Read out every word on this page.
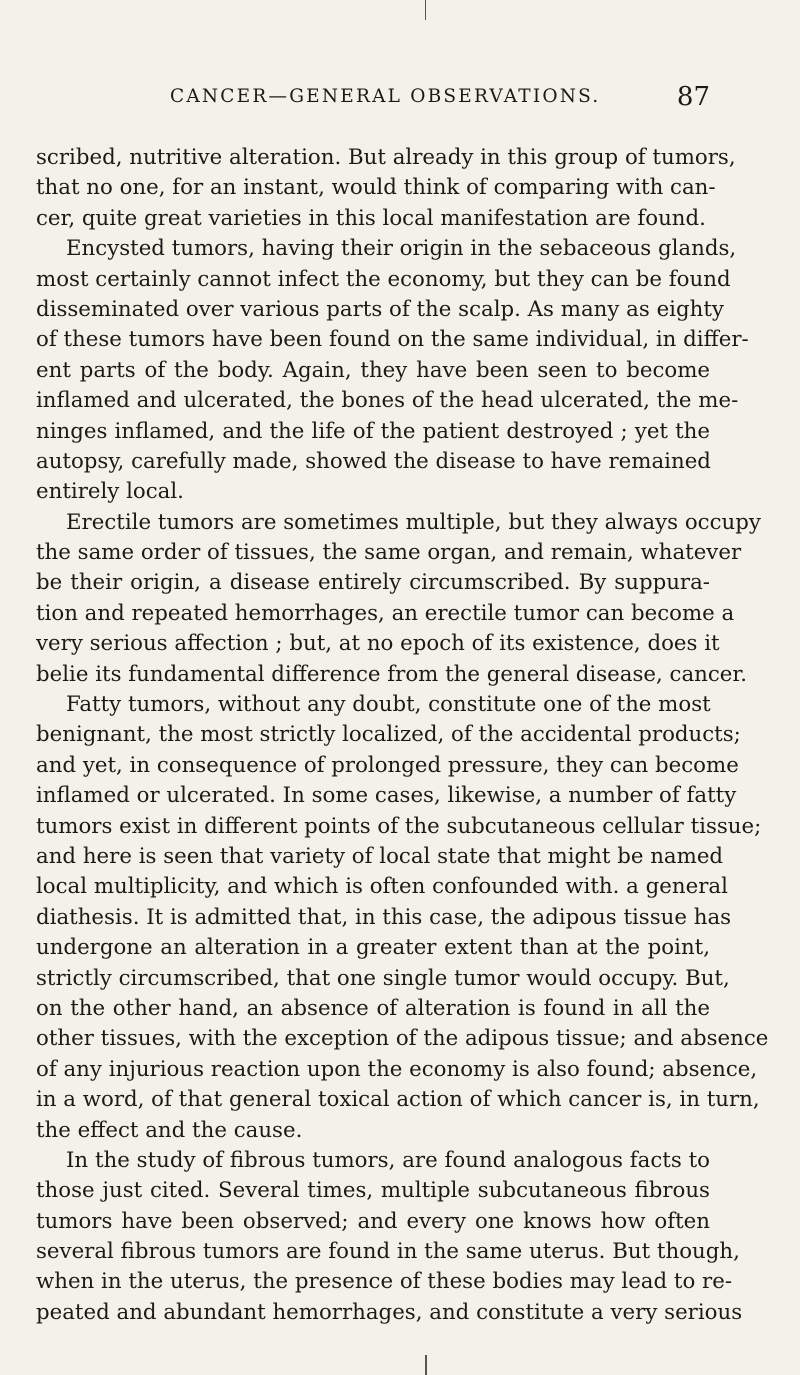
CANCER—GENERAL OBSERVATIONS.	87
scribed, nutritive alteration. But already in this group of tumors,
that no one, for an instant, would think of comparing with can-
cer, quite great varieties in this local manifestation are found.
Encysted tumors, having their origin in the sebaceous glands,
most certainly cannot infect the economy, but they can be found
disseminated over various parts of the scalp. As many as eighty
of these tumors have been found on the same individual, in differ-
ent parts of the body. Again, they have been seen to become
inflamed and ulcerated, the bones of the head ulcerated, the me-
ninges inflamed, and the life of the patient destroyed ; yet the
autopsy, carefully made, showed the disease to have remained
entirely local.
Erectile tumors are sometimes multiple, but they always occupy
the same order of tissues, the same organ, and remain, whatever
be their origin, a disease entirely circumscribed. By suppura-
tion and repeated hemorrhages, an erectile tumor can become a
very serious affection ; but, at no epoch of its existence, does it
belie its fundamental difference from the general disease, cancer.
Fatty tumors, without any doubt, constitute one of the most
benignant, the most strictly localized, of the accidental products;
and yet, in consequence of prolonged pressure, they can become
inflamed or ulcerated. In some cases, likewise, a number of fatty
tumors exist in different points of the subcutaneous cellular tissue;
and here is seen that variety of local state that might be named
local multiplicity, and which is often confounded with. a general
diathesis. It is admitted that, in this case, the adipous tissue has
undergone an alteration in a greater extent than at the point,
strictly circumscribed, that one single tumor would occupy. But,
on the other hand, an absence of alteration is found in all the
other tissues, with the exception of the adipous tissue; and absence
of any injurious reaction upon the economy is also found; absence,
in a word, of that general toxical action of which cancer is, in turn,
the effect and the cause.
In the study of fibrous tumors, are found analogous facts to
those just cited. Several times, multiple subcutaneous fibrous
tumors have been observed; and every one knows how often
several fibrous tumors are found in the same uterus. But though,
when in the uterus, the presence of these bodies may lead to re-
peated and abundant hemorrhages, and constitute a very serious
